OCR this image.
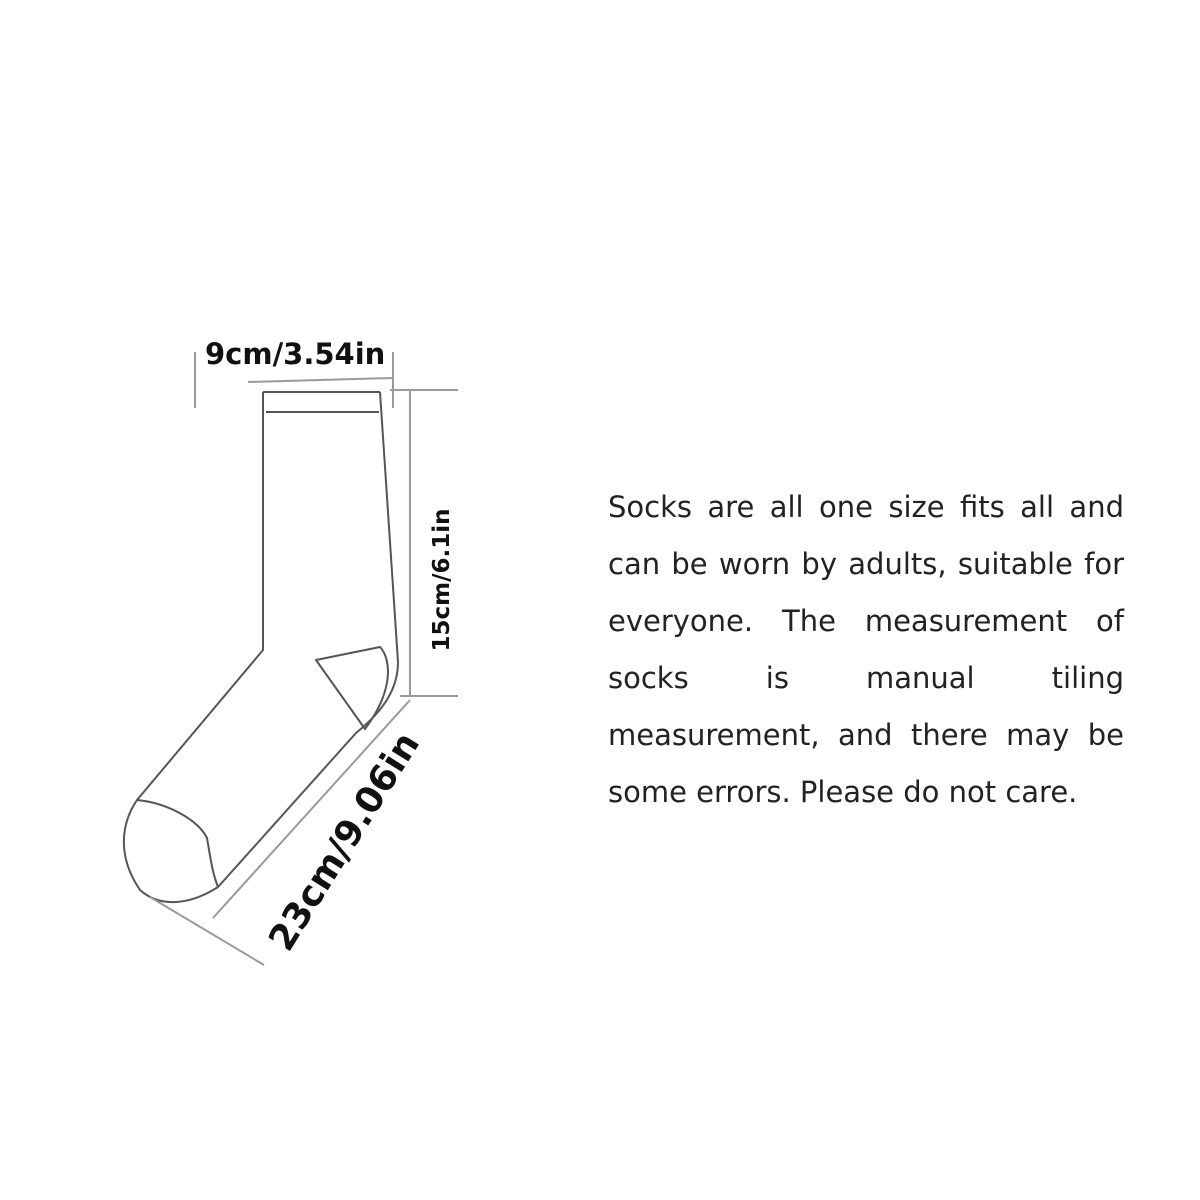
9cm/3.54in
15cm/6.1in
23cm/9.06in

Socks are all one size fits all and can be worn by adults, suitable for everyone. The measurement of socks is manual tiling measurement, and there may be some errors. Please do not care.
